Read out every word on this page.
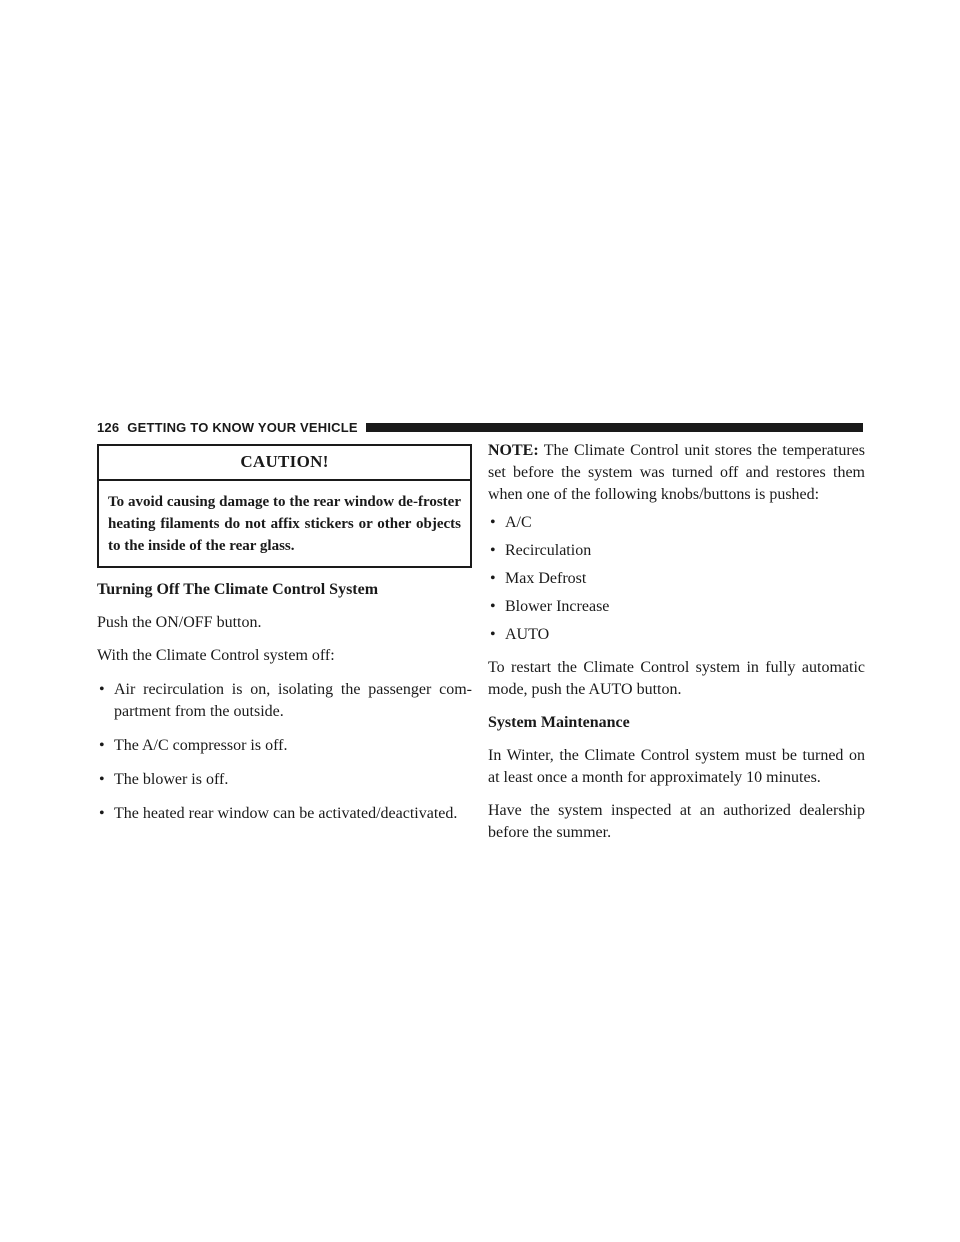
126 GETTING TO KNOW YOUR VEHICLE
CAUTION!
To avoid causing damage to the rear window de-froster heating filaments do not affix stickers or other objects to the inside of the rear glass.
Turning Off The Climate Control System

Push the ON/OFF button.

With the Climate Control system off:

• Air recirculation is on, isolating the passenger com-partment from the outside.
• The A/C compressor is off.
• The blower is off.
• The heated rear window can be activated/deactivated.

NOTE: The Climate Control unit stores the temperatures set before the system was turned off and restores them when one of the following knobs/buttons is pushed:

• A/C
• Recirculation
• Max Defrost
• Blower Increase
• AUTO

To restart the Climate Control system in fully automatic mode, push the AUTO button.

System Maintenance

In Winter, the Climate Control system must be turned on at least once a month for approximately 10 minutes.

Have the system inspected at an authorized dealership before the summer.
